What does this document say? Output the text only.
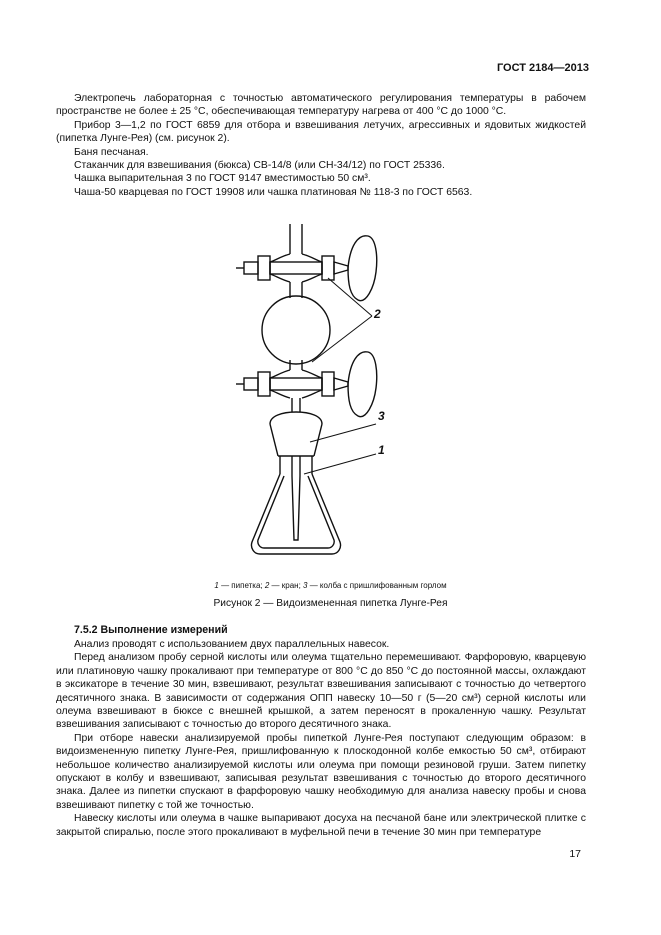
ГОСТ 2184—2013

Электропечь лабораторная с точностью автоматического регулирования температуры в рабочем пространстве не более ± 25 °C, обеспечивающая температуру нагрева от 400 °C до 1000 °C.

Прибор 3—1,2 по ГОСТ 6859 для отбора и взвешивания летучих, агрессивных и ядовитых жидкостей (пипетка Лунге-Рея) (см. рисунок 2).

Баня песчаная.

Стаканчик для взвешивания (бюкса) СВ-14/8 (или СН-34/12) по ГОСТ 25336.

Чашка выпарительная 3 по ГОСТ 9147 вместимостью 50 см³.

Чаша-50 кварцевая по ГОСТ 19908 или чашка платиновая № 118-3 по ГОСТ 6563.

2
3
1
1 — пипетка; 2 — кран; 3 — колба с пришлифованным горлом
Рисунок 2 — Видоизмененная пипетка Лунге-Рея
7.5.2 Выполнение измерений

Анализ проводят с использованием двух параллельных навесок.

Перед анализом пробу серной кислоты или олеума тщательно перемешивают. Фарфоровую, кварцевую или платиновую чашку прокаливают при температуре от 800 °C до 850 °C до постоянной массы, охлаждают в эксикаторе в течение 30 мин, взвешивают, результат взвешивания записывают с точностью до четвертого десятичного знака. В зависимости от содержания ОПП навеску 10—50 г (5—20 см³) серной кислоты или олеума взвешивают в бюксе с внешней крышкой, а затем переносят в прокаленную чашку. Результат взвешивания записывают с точностью до второго десятичного знака.

При отборе навески анализируемой пробы пипеткой Лунге-Рея поступают следующим образом: в видоизмененную пипетку Лунге-Рея, пришлифованную к плоскодонной колбе емкостью 50 см³, отбирают небольшое количество анализируемой кислоты или олеума при помощи резиновой груши. Затем пипетку опускают в колбу и взвешивают, записывая результат взвешивания с точностью до второго десятичного знака. Далее из пипетки спускают в фарфоровую чашку необходимую для анализа навеску пробы и снова взвешивают пипетку с той же точностью.

Навеску кислоты или олеума в чашке выпаривают досуха на песчаной бане или электрической плитке с закрытой спиралью, после этого прокаливают в муфельной печи в течение 30 мин при температуре

17
